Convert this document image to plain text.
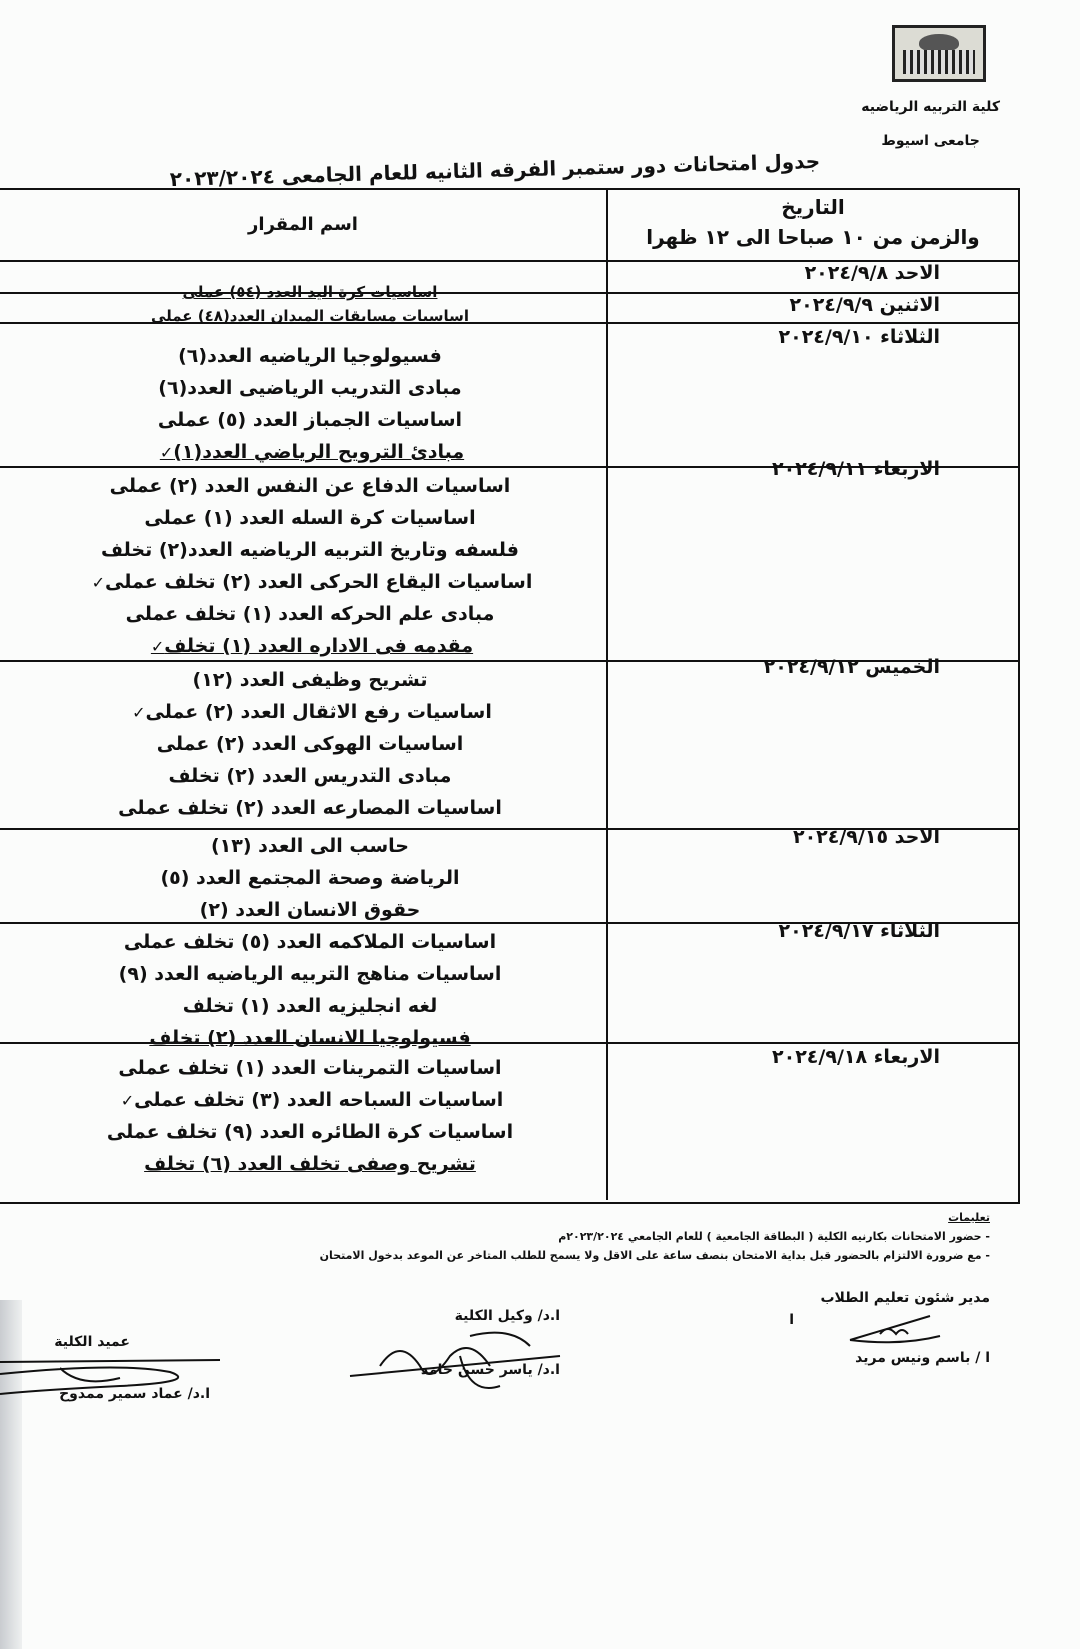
كلية التربيه الرياضيه
جامعى اسيوط
جدول امتحانات دور ستمبر الفرقه الثانيه للعام الجامعى ٢٠٢٣/٢٠٢٤
التاريخ
والزمن من ١٠ صباحا الى ١٢ ظهرا
اسم المقرار
الاحد ٢٠٢٤/٩/٨
اساسيات كرة اليد العدد (٥٤) عملى
الاثنين ٢٠٢٤/٩/٩
اساسيات مسابقات الميدان العدد(٤٨) عملى
الثلاثاء ٢٠٢٤/٩/١٠
فسيولوجيا الرياضيه العدد(٦)
مبادى التدريب الرياضيى العدد(٦)
اساسيات الجمباز العدد (٥) عملى
مبادئ الترويح الرياضي العدد(١)✓
الاربعاء ٢٠٢٤/٩/١١
اساسيات الدفاع عن النفس العدد (٢) عملى
اساسيات كرة السله العدد (١) عملى
فلسفه وتاريخ التربيه الرياضيه العدد(٢) تخلف
اساسيات اليقاع الحركى العدد (٢) تخلف عملى✓
مبادى علم الحركه العدد (١) تخلف عملى
مقدمه فى الاداره العدد (١) تخلف✓
الخميس ٢٠٢٤/٩/١٢
تشريح وظيفى العدد (١٢)
اساسيات رفع الاثقال العدد (٢) عملى✓
اساسيات الهوكى العدد (٢) عملى
مبادى التدريس العدد (٢) تخلف
اساسيات المصارعه العدد (٢) تخلف عملى
الاحد ٢٠٢٤/٩/١٥
حاسب الى العدد (١٣)
الرياضة وصحة المجتمع العدد (٥)
حقوق الانسان العدد (٢)
الثلاثاء ٢٠٢٤/٩/١٧
اساسيات الملاكمه العدد (٥) تخلف عملى
اساسيات مناهج التربيه الرياضيه العدد (٩)
لغه انجليزيه العدد (١) تخلف
فسيولوجيا الانسان العدد (٢) تخلف
الاربعاء ٢٠٢٤/٩/١٨
اساسيات التمرينات العدد (١) تخلف عملى
اساسيات السباحه العدد (٣) تخلف عملى✓
اساسيات كرة الطائره العدد (٩) تخلف عملى
تشريح وصفى تخلف العدد (٦) تخلف
تعليمات
- حضور الامتحانات بكارنيه الكلية ( البطاقة الجامعية ) للعام الجامعي ٢٠٢٣/٢٠٢٤م
- مع ضرورة الالتزام بالحضور قبل بداية الامتحان بنصف ساعة على الاقل ولا يسمح للطلب المتاخر عن الموعد بدخول الامتحان
مدير شئون تعليم الطلاب
ا
ا / باسم ونيس مريد
ا.د/ وكيل الكلية
ا.د/ ياسر حسن حامد
عميد الكلية
ا.د/ عماد سمير ممدوح
